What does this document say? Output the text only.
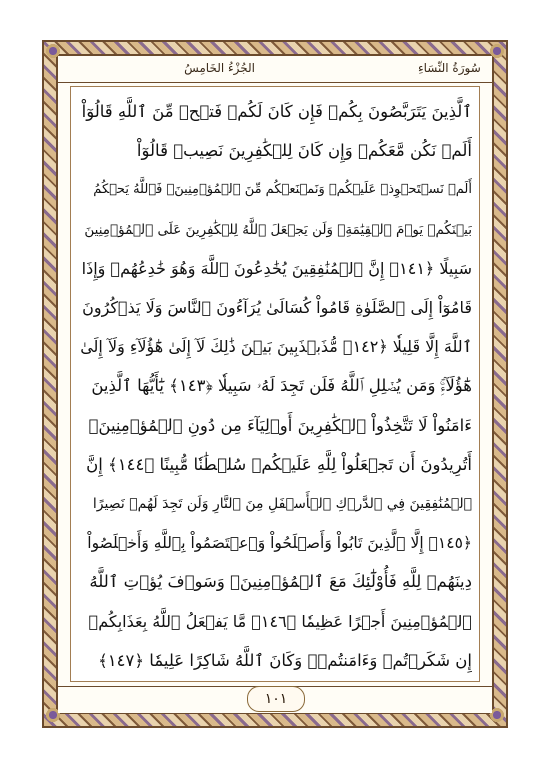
الجُزْءُ الخَامِسُ	سُورَةُ النِّسَاءِ
ٱلَّذِينَ يَتَرَبَّصُونَ بِكُمۡ فَإِن كَانَ لَكُمۡ فَتۡحٞ مِّنَ ٱللَّهِ قَالُوٓاْ
أَلَمۡ نَكُن مَّعَكُمۡ وَإِن كَانَ لِلۡكَٰفِرِينَ نَصِيبٞ قَالُوٓاْ
أَلَمۡ نَسۡتَحۡوِذۡ عَلَيۡكُمۡ وَنَمۡنَعۡكُم مِّنَ ٱلۡمُؤۡمِنِينَۚ فَٱللَّهُ يَحۡكُمُ
بَيۡنَكُمۡ يَوۡمَ ٱلۡقِيَٰمَةِۗ وَلَن يَجۡعَلَ ٱللَّهُ لِلۡكَٰفِرِينَ عَلَى ٱلۡمُؤۡمِنِينَ
سَبِيلًا ﴿١٤١﴾ إِنَّ ٱلۡمُنَٰفِقِينَ يُخَٰدِعُونَ ٱللَّهَ وَهُوَ خَٰدِعُهُمۡ وَإِذَا
قَامُوٓاْ إِلَى ٱلصَّلَوٰةِ قَامُواْ كُسَالَىٰ يُرَآءُونَ ٱلنَّاسَ وَلَا يَذۡكُرُونَ
ٱللَّهَ إِلَّا قَلِيلٗا ﴿١٤٢﴾ مُّذَبۡذَبِينَ بَيۡنَ ذَٰلِكَ لَآ إِلَىٰ هَٰٓؤُلَآءِ وَلَآ إِلَىٰ
هَٰٓؤُلَآءِۚ وَمَن يُضۡلِلِ ٱللَّهُ فَلَن تَجِدَ لَهُۥ سَبِيلٗا ﴿١٤٣﴾ يَٰٓأَيُّهَا ٱلَّذِينَ
ءَامَنُواْ لَا تَتَّخِذُواْ ٱلۡكَٰفِرِينَ أَوۡلِيَآءَ مِن دُونِ ٱلۡمُؤۡمِنِينَۚ
أَتُرِيدُونَ أَن تَجۡعَلُواْ لِلَّهِ عَلَيۡكُمۡ سُلۡطَٰنٗا مُّبِينًا ﴿١٤٤﴾ إِنَّ
ٱلۡمُنَٰفِقِينَ فِي ٱلدَّرۡكِ ٱلۡأَسۡفَلِ مِنَ ٱلنَّارِ وَلَن تَجِدَ لَهُمۡ نَصِيرًا
﴿١٤٥﴾ إِلَّا ٱلَّذِينَ تَابُواْ وَأَصۡلَحُواْ وَٱعۡتَصَمُواْ بِٱللَّهِ وَأَخۡلَصُواْ
دِينَهُمۡ لِلَّهِ فَأُوْلَٰٓئِكَ مَعَ ٱلۡمُؤۡمِنِينَۖ وَسَوۡفَ يُؤۡتِ ٱللَّهُ
ٱلۡمُؤۡمِنِينَ أَجۡرًا عَظِيمٗا ﴿١٤٦﴾ مَّا يَفۡعَلُ ٱللَّهُ بِعَذَابِكُمۡ
إِن شَكَرۡتُمۡ وَءَامَنتُمۡۚ وَكَانَ ٱللَّهُ شَاكِرًا عَلِيمٗا ﴿١٤٧﴾
١٠١
